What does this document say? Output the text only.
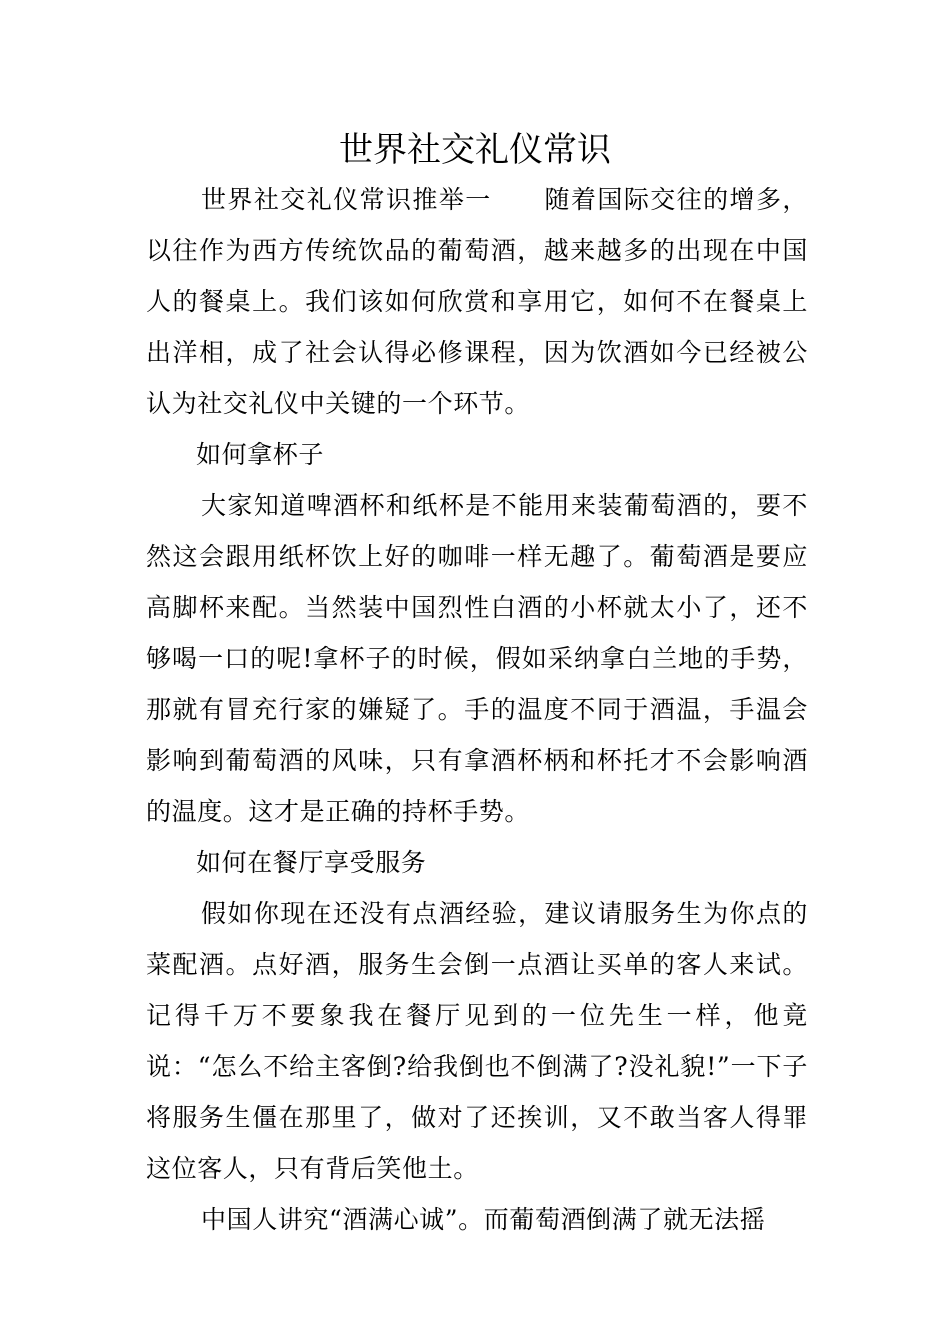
世界社交礼仪常识

世界社交礼仪常识推举一 随着国际交往的增多，以往作为西方传统饮品的葡萄酒，越来越多的出现在中国人的餐桌上。我们该如何欣赏和享用它，如何不在餐桌上出洋相，成了社会认得必修课程，因为饮酒如今已经被公认为社交礼仪中关键的一个环节。

如何拿杯子

大家知道啤酒杯和纸杯是不能用来装葡萄酒的，要不然这会跟用纸杯饮上好的咖啡一样无趣了。葡萄酒是要应高脚杯来配。当然装中国烈性白酒的小杯就太小了，还不够喝一口的呢!拿杯子的时候，假如采纳拿白兰地的手势，那就有冒充行家的嫌疑了。手的温度不同于酒温，手温会影响到葡萄酒的风味，只有拿酒杯柄和杯托才不会影响酒的温度。这才是正确的持杯手势。

如何在餐厅享受服务

假如你现在还没有点酒经验，建议请服务生为你点的菜配酒。点好酒，服务生会倒一点酒让买单的客人来试。记得千万不要象我在餐厅见到的一位先生一样，他竟说：“怎么不给主客倒?给我倒也不倒满了?没礼貌!”一下子将服务生僵在那里了，做对了还挨训，又不敢当客人得罪这位客人，只有背后笑他土。

中国人讲究“酒满心诚”。而葡萄酒倒满了就无法摇
